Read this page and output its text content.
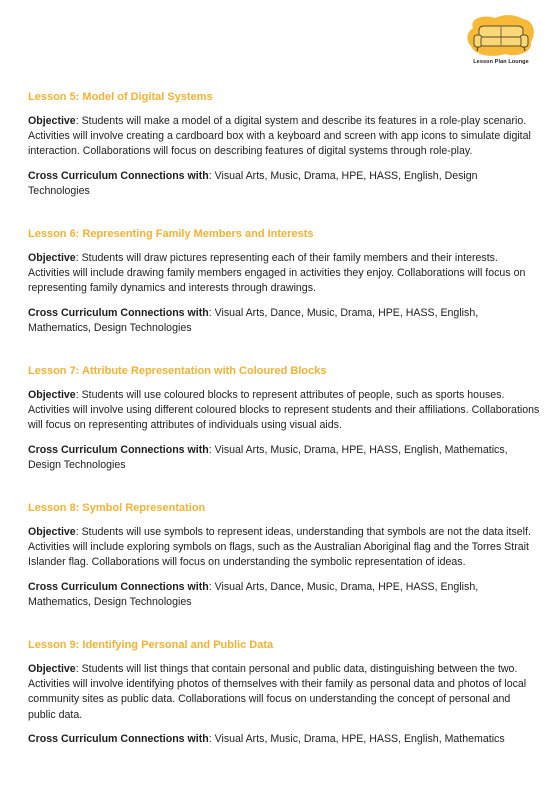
Lesson Plan Lounge
Lesson 5: Model of Digital Systems

Objective: Students will make a model of a digital system and describe its features in a role-play scenario. Activities will involve creating a cardboard box with a keyboard and screen with app icons to simulate digital interaction. Collaborations will focus on describing features of digital systems through role-play.

Cross Curriculum Connections with: Visual Arts, Music, Drama, HPE, HASS, English, Design Technologies

Lesson 6: Representing Family Members and Interests

Objective: Students will draw pictures representing each of their family members and their interests. Activities will include drawing family members engaged in activities they enjoy. Collaborations will focus on representing family dynamics and interests through drawings.

Cross Curriculum Connections with: Visual Arts, Dance, Music, Drama, HPE, HASS, English, Mathematics, Design Technologies

Lesson 7: Attribute Representation with Coloured Blocks

Objective: Students will use coloured blocks to represent attributes of people, such as sports houses. Activities will involve using different coloured blocks to represent students and their affiliations. Collaborations will focus on representing attributes of individuals using visual aids.

Cross Curriculum Connections with: Visual Arts, Music, Drama, HPE, HASS, English, Mathematics, Design Technologies

Lesson 8: Symbol Representation

Objective: Students will use symbols to represent ideas, understanding that symbols are not the data itself. Activities will include exploring symbols on flags, such as the Australian Aboriginal flag and the Torres Strait Islander flag. Collaborations will focus on understanding the symbolic representation of ideas.

Cross Curriculum Connections with: Visual Arts, Dance, Music, Drama, HPE, HASS, English, Mathematics, Design Technologies

Lesson 9: Identifying Personal and Public Data

Objective: Students will list things that contain personal and public data, distinguishing between the two. Activities will involve identifying photos of themselves with their family as personal data and photos of local community sites as public data. Collaborations will focus on understanding the concept of personal and public data.

Cross Curriculum Connections with: Visual Arts, Music, Drama, HPE, HASS, English, Mathematics
